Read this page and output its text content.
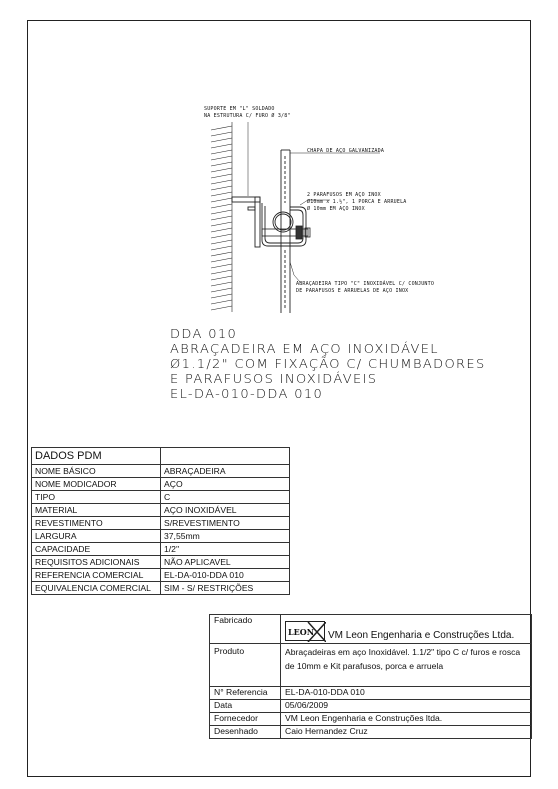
SUPORTE EM "L" SOLDADO
NA ESTRUTURA C/ FURO Ø 3/8"
CHAPA DE AÇO GALVANIZADA
2 PARAFUSOS EM AÇO INOX
Ø10mm x 1.½", 1 PORCA E ARRUELA
Ø 10mm EM AÇO INOX
ABRAÇADEIRA TIPO "C" INOXIDÁVEL C/ CONJUNTO
DE PARAFUSOS E ARRUELAS DE AÇO INOX
DDA 010
ABRAÇADEIRA EM AÇO INOXIDÁVEL
Ø1.1/2" COM FIXAÇÃO C/ CHUMBADORES
E PARAFUSOS INOXIDÁVEIS
EL-DA-010-DDA 010
DADOS PDM	
NOME BÁSICO	ABRAÇADEIRA
NOME MODICADOR	AÇO
TIPO	C
MATERIAL	AÇO INOXIDÁVEL
REVESTIMENTO	S/REVESTIMENTO
LARGURA	37,55mm
CAPACIDADE	1/2''
REQUISITOS ADICIONAIS	NÃO APLICAVEL
REFERENCIA COMERCIAL	EL-DA-010-DDA 010
EQUIVALENCIA COMERCIAL	SIM - S/ RESTRIÇÕES
Fabricado	LEON VM Leon Engenharia e Construções Ltda.
Produto	Abraçadeiras em aço Inoxidável. 1.1/2" tipo C c/ furos e rosca de 10mm e Kit parafusos, porca e arruela
N° Referencia	EL-DA-010-DDA 010
Data	05/06/2009
Fornecedor	VM Leon Engenharia e Construções ltda.
Desenhado	Caio Hernandez Cruz
